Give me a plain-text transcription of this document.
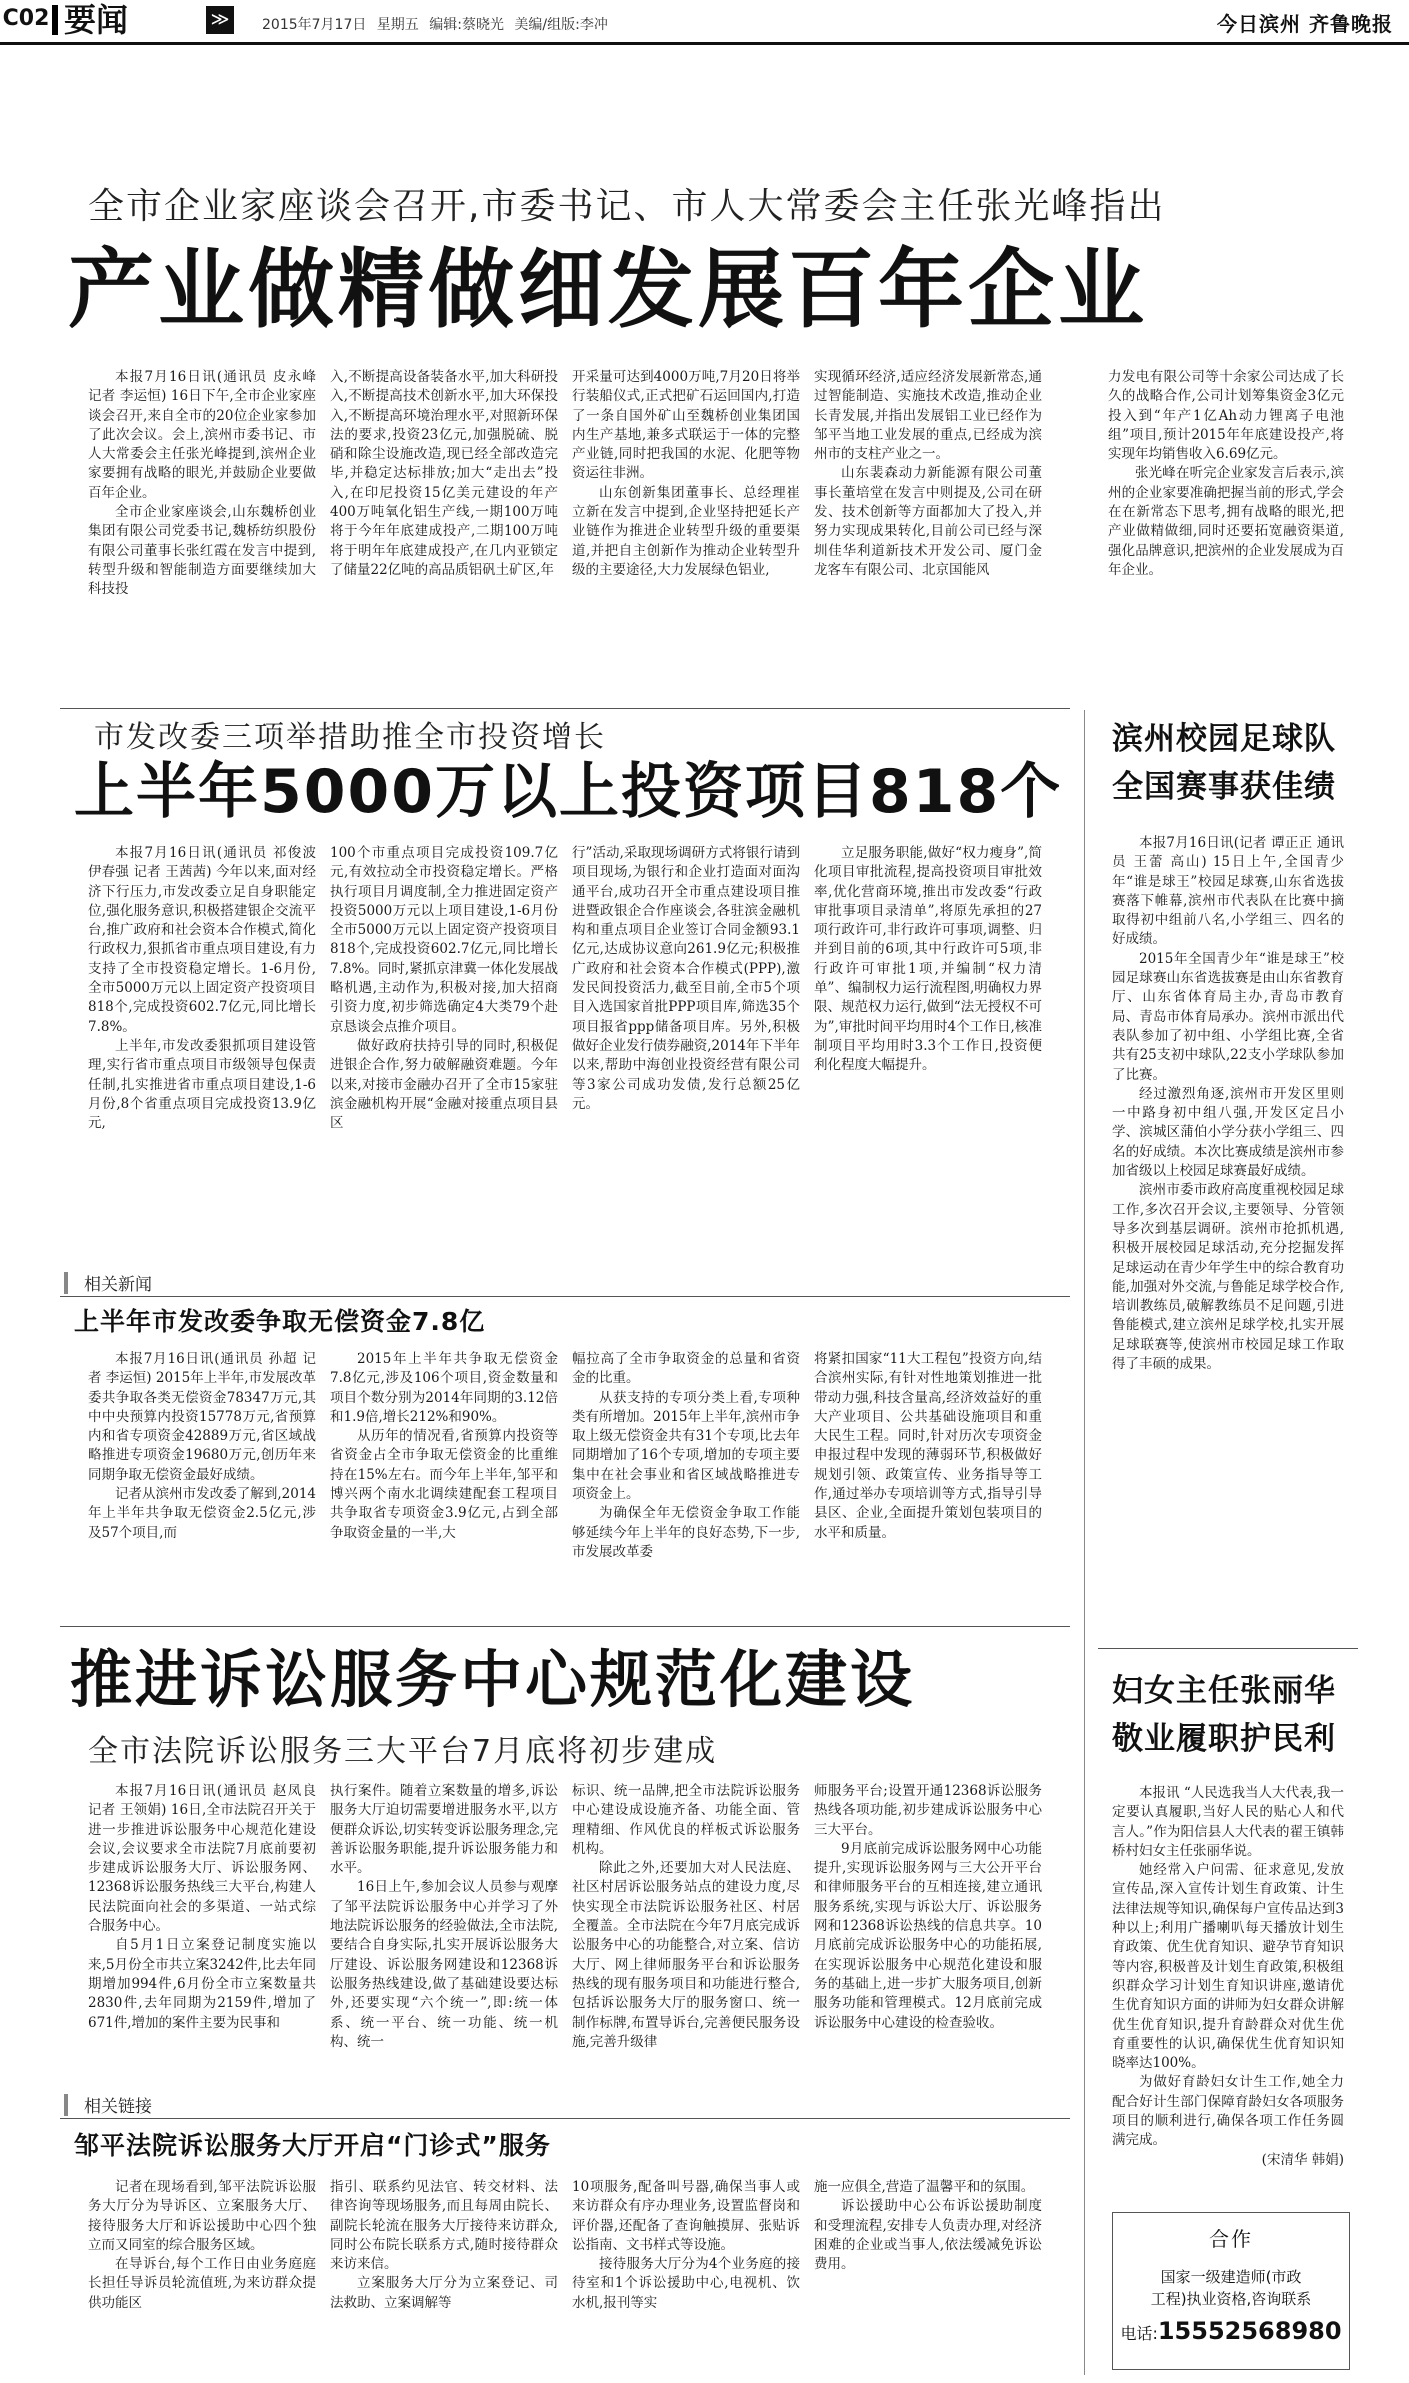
C02 要闻	≫	2015年7月17日 星期五 编辑:蔡晓光 美编/组版:李冲	今日滨州 齐鲁晚报
全市企业家座谈会召开,市委书记、市人大常委会主任张光峰指出
产业做精做细发展百年企业

本报7月16日讯(通讯员 皮永峰 记者 李运恒) 16日下午,全市企业家座谈会召开,来自全市的20位企业家参加了此次会议。会上,滨州市委书记、市人大常委会主任张光峰提到,滨州企业家要拥有战略的眼光,并鼓励企业要做百年企业。

全市企业家座谈会,山东魏桥创业集团有限公司党委书记,魏桥纺织股份有限公司董事长张红霞在发言中提到,转型升级和智能制造方面要继续加大科技投

入,不断提高设备装备水平,加大科研投入,不断提高技术创新水平,加大环保投入,不断提高环境治理水平,对照新环保法的要求,投资23亿元,加强脱硫、脱硝和除尘设施改造,现已经全部改造完毕,并稳定达标排放;加大“走出去”投入,在印尼投资15亿美元建设的年产400万吨氧化铝生产线,一期100万吨将于今年年底建成投产,二期100万吨将于明年年底建成投产,在几内亚锁定了储量22亿吨的高品质铝矾土矿区,年

开采量可达到4000万吨,7月20日将举行装船仪式,正式把矿石运回国内,打造了一条自国外矿山至魏桥创业集团国内生产基地,兼多式联运于一体的完整产业链,同时把我国的水泥、化肥等物资运往非洲。

山东创新集团董事长、总经理崔立新在发言中提到,企业坚持把延长产业链作为推进企业转型升级的重要渠道,并把自主创新作为推动企业转型升级的主要途径,大力发展绿色铝业,

实现循环经济,适应经济发展新常态,通过智能制造、实施技术改造,推动企业长青发展,并指出发展铝工业已经作为邹平当地工业发展的重点,已经成为滨州市的支柱产业之一。

山东裴森动力新能源有限公司董事长董培堂在发言中则提及,公司在研发、技术创新等方面都加大了投入,并努力实现成果转化,目前公司已经与深圳佳华利道新技术开发公司、厦门金龙客车有限公司、北京国能风

力发电有限公司等十余家公司达成了长久的战略合作,公司计划筹集资金3亿元投入到“年产1亿Ah动力锂离子电池组”项目,预计2015年年底建设投产,将实现年均销售收入6.69亿元。

张光峰在听完企业家发言后表示,滨州的企业家要准确把握当前的形式,学会在在新常态下思考,拥有战略的眼光,把产业做精做细,同时还要拓宽融资渠道,强化品牌意识,把滨州的企业发展成为百年企业。

市发改委三项举措助推全市投资增长
上半年5000万以上投资项目818个

本报7月16日讯(通讯员 祁俊波 伊春强 记者 王茜茜) 今年以来,面对经济下行压力,市发改委立足自身职能定位,强化服务意识,积极搭建银企交流平台,推广政府和社会资本合作模式,简化行政权力,狠抓省市重点项目建设,有力支持了全市投资稳定增长。1-6月份,全市5000万元以上固定资产投资项目818个,完成投资602.7亿元,同比增长7.8%。

上半年,市发改委狠抓项目建设管理,实行省市重点项目市级领导包保责任制,扎实推进省市重点项目建设,1-6月份,8个省重点项目完成投资13.9亿元,

100个市重点项目完成投资109.7亿元,有效拉动全市投资稳定增长。严格执行项目月调度制,全力推进固定资产投资5000万元以上项目建设,1-6月份全市5000万元以上固定资产投资项目818个,完成投资602.7亿元,同比增长7.8%。同时,紧抓京津冀一体化发展战略机遇,主动作为,积极对接,加大招商引资力度,初步筛选确定4大类79个赴京恳谈会点推介项目。

做好政府扶持引导的同时,积极促进银企合作,努力破解融资难题。今年以来,对接市金融办召开了全市15家驻滨金融机构开展“金融对接重点项目县区

行”活动,采取现场调研方式将银行请到项目现场,为银行和企业打造面对面沟通平台,成功召开全市重点建设项目推进暨政银企合作座谈会,各驻滨金融机构和重点项目企业签订合同金额93.1亿元,达成协议意向261.9亿元;积极推广政府和社会资本合作模式(PPP),激发民间投资活力,截至目前,全市5个项目入选国家首批PPP项目库,筛选35个项目报省ppp储备项目库。另外,积极做好企业发行债券融资,2014年下半年以来,帮助中海创业投资经营有限公司等3家公司成功发债,发行总额25亿元。

立足服务职能,做好“权力瘦身”,简化项目审批流程,提高投资项目审批效率,优化营商环境,推出市发改委“行政审批事项目录清单”,将原先承担的27项行政许可,非行政许可事项,调整、归并到目前的6项,其中行政许可5项,非行政许可审批1项,并编制“权力清单”、编制权力运行流程图,明确权力界限、规范权力运行,做到“法无授权不可为”,审批时间平均用时4个工作日,核准制项目平均用时3.3个工作日,投资便利化程度大幅提升。

相关新闻
上半年市发改委争取无偿资金7.8亿

本报7月16日讯(通讯员 孙超 记者 李运恒) 2015年上半年,市发展改革委共争取各类无偿资金78347万元,其中中央预算内投资15778万元,省预算内和省专项资金42889万元,省区域战略推进专项资金19680万元,创历年来同期争取无偿资金最好成绩。

记者从滨州市发改委了解到,2014年上半年共争取无偿资金2.5亿元,涉及57个项目,而

2015年上半年共争取无偿资金7.8亿元,涉及106个项目,资金数量和项目个数分别为2014年同期的3.12倍和1.9倍,增长212%和90%。

从历年的情况看,省预算内投资等省资金占全市争取无偿资金的比重维持在15%左右。而今年上半年,邹平和博兴两个南水北调续建配套工程项目共争取省专项资金3.9亿元,占到全部争取资金量的一半,大

幅拉高了全市争取资金的总量和省资金的比重。

从获支持的专项分类上看,专项种类有所增加。2015年上半年,滨州市争取上级无偿资金共有31个专项,比去年同期增加了16个专项,增加的专项主要集中在社会事业和省区域战略推进专项资金上。

为确保全年无偿资金争取工作能够延续今年上半年的良好态势,下一步,市发展改革委

将紧扣国家“11大工程包”投资方向,结合滨州实际,有针对性地策划推进一批带动力强,科技含量高,经济效益好的重大产业项目、公共基础设施项目和重大民生工程。同时,针对历次专项资金申报过程中发现的薄弱环节,积极做好规划引领、政策宣传、业务指导等工作,通过举办专项培训等方式,指导引导县区、企业,全面提升策划包装项目的水平和质量。

推进诉讼服务中心规范化建设
全市法院诉讼服务三大平台7月底将初步建成

本报7月16日讯(通讯员 赵凤良 记者 王领娟) 16日,全市法院召开关于进一步推进诉讼服务中心规范化建设会议,会议要求全市法院7月底前要初步建成诉讼服务大厅、诉讼服务网、12368诉讼服务热线三大平台,构建人民法院面向社会的多渠道、一站式综合服务中心。

自5月1日立案登记制度实施以来,5月份全市共立案3242件,比去年同期增加994件,6月份全市立案数量共2830件,去年同期为2159件,增加了671件,增加的案件主要为民事和

执行案件。随着立案数量的增多,诉讼服务大厅迫切需要增进服务水平,以方便群众诉讼,切实转变诉讼服务理念,完善诉讼服务职能,提升诉讼服务能力和水平。

16日上午,参加会议人员参与观摩了邹平法院诉讼服务中心并学习了外地法院诉讼服务的经验做法,全市法院,要结合自身实际,扎实开展诉讼服务大厅建设、诉讼服务网建设和12368诉讼服务热线建设,做了基础建设要达标外,还要实现“六个统一”,即:统一体系、统一平台、统一功能、统一机构、统一

标识、统一品牌,把全市法院诉讼服务中心建设成设施齐备、功能全面、管理精细、作风优良的样板式诉讼服务机构。

除此之外,还要加大对人民法庭、社区村居诉讼服务站点的建设力度,尽快实现全市法院诉讼服务社区、村居全覆盖。全市法院在今年7月底完成诉讼服务中心的功能整合,对立案、信访大厅、网上律师服务平台和诉讼服务热线的现有服务项目和功能进行整合,包括诉讼服务大厅的服务窗口、统一制作标牌,布置导诉台,完善便民服务设施,完善升级律

师服务平台;设置开通12368诉讼服务热线各项功能,初步建成诉讼服务中心三大平台。

9月底前完成诉讼服务网中心功能提升,实现诉讼服务网与三大公开平台和律师服务平台的互相连接,建立通讯服务系统,实现与诉讼大厅、诉讼服务网和12368诉讼热线的信息共享。10月底前完成诉讼服务中心的功能拓展,在实现诉讼服务中心规范化建设和服务的基础上,进一步扩大服务项目,创新服务功能和管理模式。12月底前完成诉讼服务中心建设的检查验收。

相关链接
邹平法院诉讼服务大厅开启“门诊式”服务

记者在现场看到,邹平法院诉讼服务大厅分为导诉区、立案服务大厅、接待服务大厅和诉讼援助中心四个独立而又同室的综合服务区域。

在导诉台,每个工作日由业务庭庭长担任导诉员轮流值班,为来访群众提供功能区

指引、联系约见法官、转交材料、法律咨询等现场服务,而且每周由院长、副院长轮流在服务大厅接待来访群众,同时公布院长联系方式,随时接待群众来访来信。

立案服务大厅分为立案登记、司法救助、立案调解等

10项服务,配备叫号器,确保当事人或来访群众有序办理业务,设置监督岗和评价器,还配备了查询触摸屏、张贴诉讼指南、文书样式等设施。

接待服务大厅分为4个业务庭的接待室和1个诉讼援助中心,电视机、饮水机,报刊等实

施一应俱全,营造了温馨平和的氛围。

诉讼援助中心公布诉讼援助制度和受理流程,安排专人负责办理,对经济困难的企业或当事人,依法缓减免诉讼费用。

滨州校园足球队
全国赛事获佳绩

本报7月16日讯(记者 谭正正 通讯员 王蕾 高山) 15日上午,全国青少年“谁是球王”校园足球赛,山东省选拔赛落下帷幕,滨州市代表队在比赛中摘取得初中组前八名,小学组三、四名的好成绩。

2015年全国青少年“谁是球王”校园足球赛山东省选拔赛是由山东省教育厅、山东省体育局主办,青岛市教育局、青岛市体育局承办。滨州市派出代表队参加了初中组、小学组比赛,全省共有25支初中球队,22支小学球队参加了比赛。

经过激烈角逐,滨州市开发区里则一中路身初中组八强,开发区定吕小学、滨城区蒲伯小学分获小学组三、四名的好成绩。本次比赛成绩是滨州市参加省级以上校园足球赛最好成绩。

滨州市委市政府高度重视校园足球工作,多次召开会议,主要领导、分管领导多次到基层调研。滨州市抢抓机遇,积极开展校园足球活动,充分挖掘发挥足球运动在青少年学生中的综合教育功能,加强对外交流,与鲁能足球学校合作,培训教练员,破解教练员不足问题,引进鲁能模式,建立滨州足球学校,扎实开展足球联赛等,使滨州市校园足球工作取得了丰硕的成果。

妇女主任张丽华
敬业履职护民利

本报讯 “人民选我当人大代表,我一定要认真履职,当好人民的贴心人和代言人。”作为阳信县人大代表的翟王镇韩桥村妇女主任张丽华说。

她经常入户问需、征求意见,发放宣传品,深入宣传计划生育政策、计生法律法规等知识,确保每户宣传品达到3种以上;利用广播喇叭每天播放计划生育政策、优生优育知识、避孕节育知识等内容,积极普及计划生育政策,积极组织群众学习计划生育知识讲座,邀请优生优育知识方面的讲师为妇女群众讲解优生优育知识,提升育龄群众对优生优育重要性的认识,确保优生优育知识知晓率达100%。

为做好育龄妇女计生工作,她全力配合好计生部门保障育龄妇女各项服务项目的顺利进行,确保各项工作任务圆满完成。

(宋清华 韩娟)

合作
国家一级建造师(市政
工程)执业资格,咨询联系
电话:15552568980
